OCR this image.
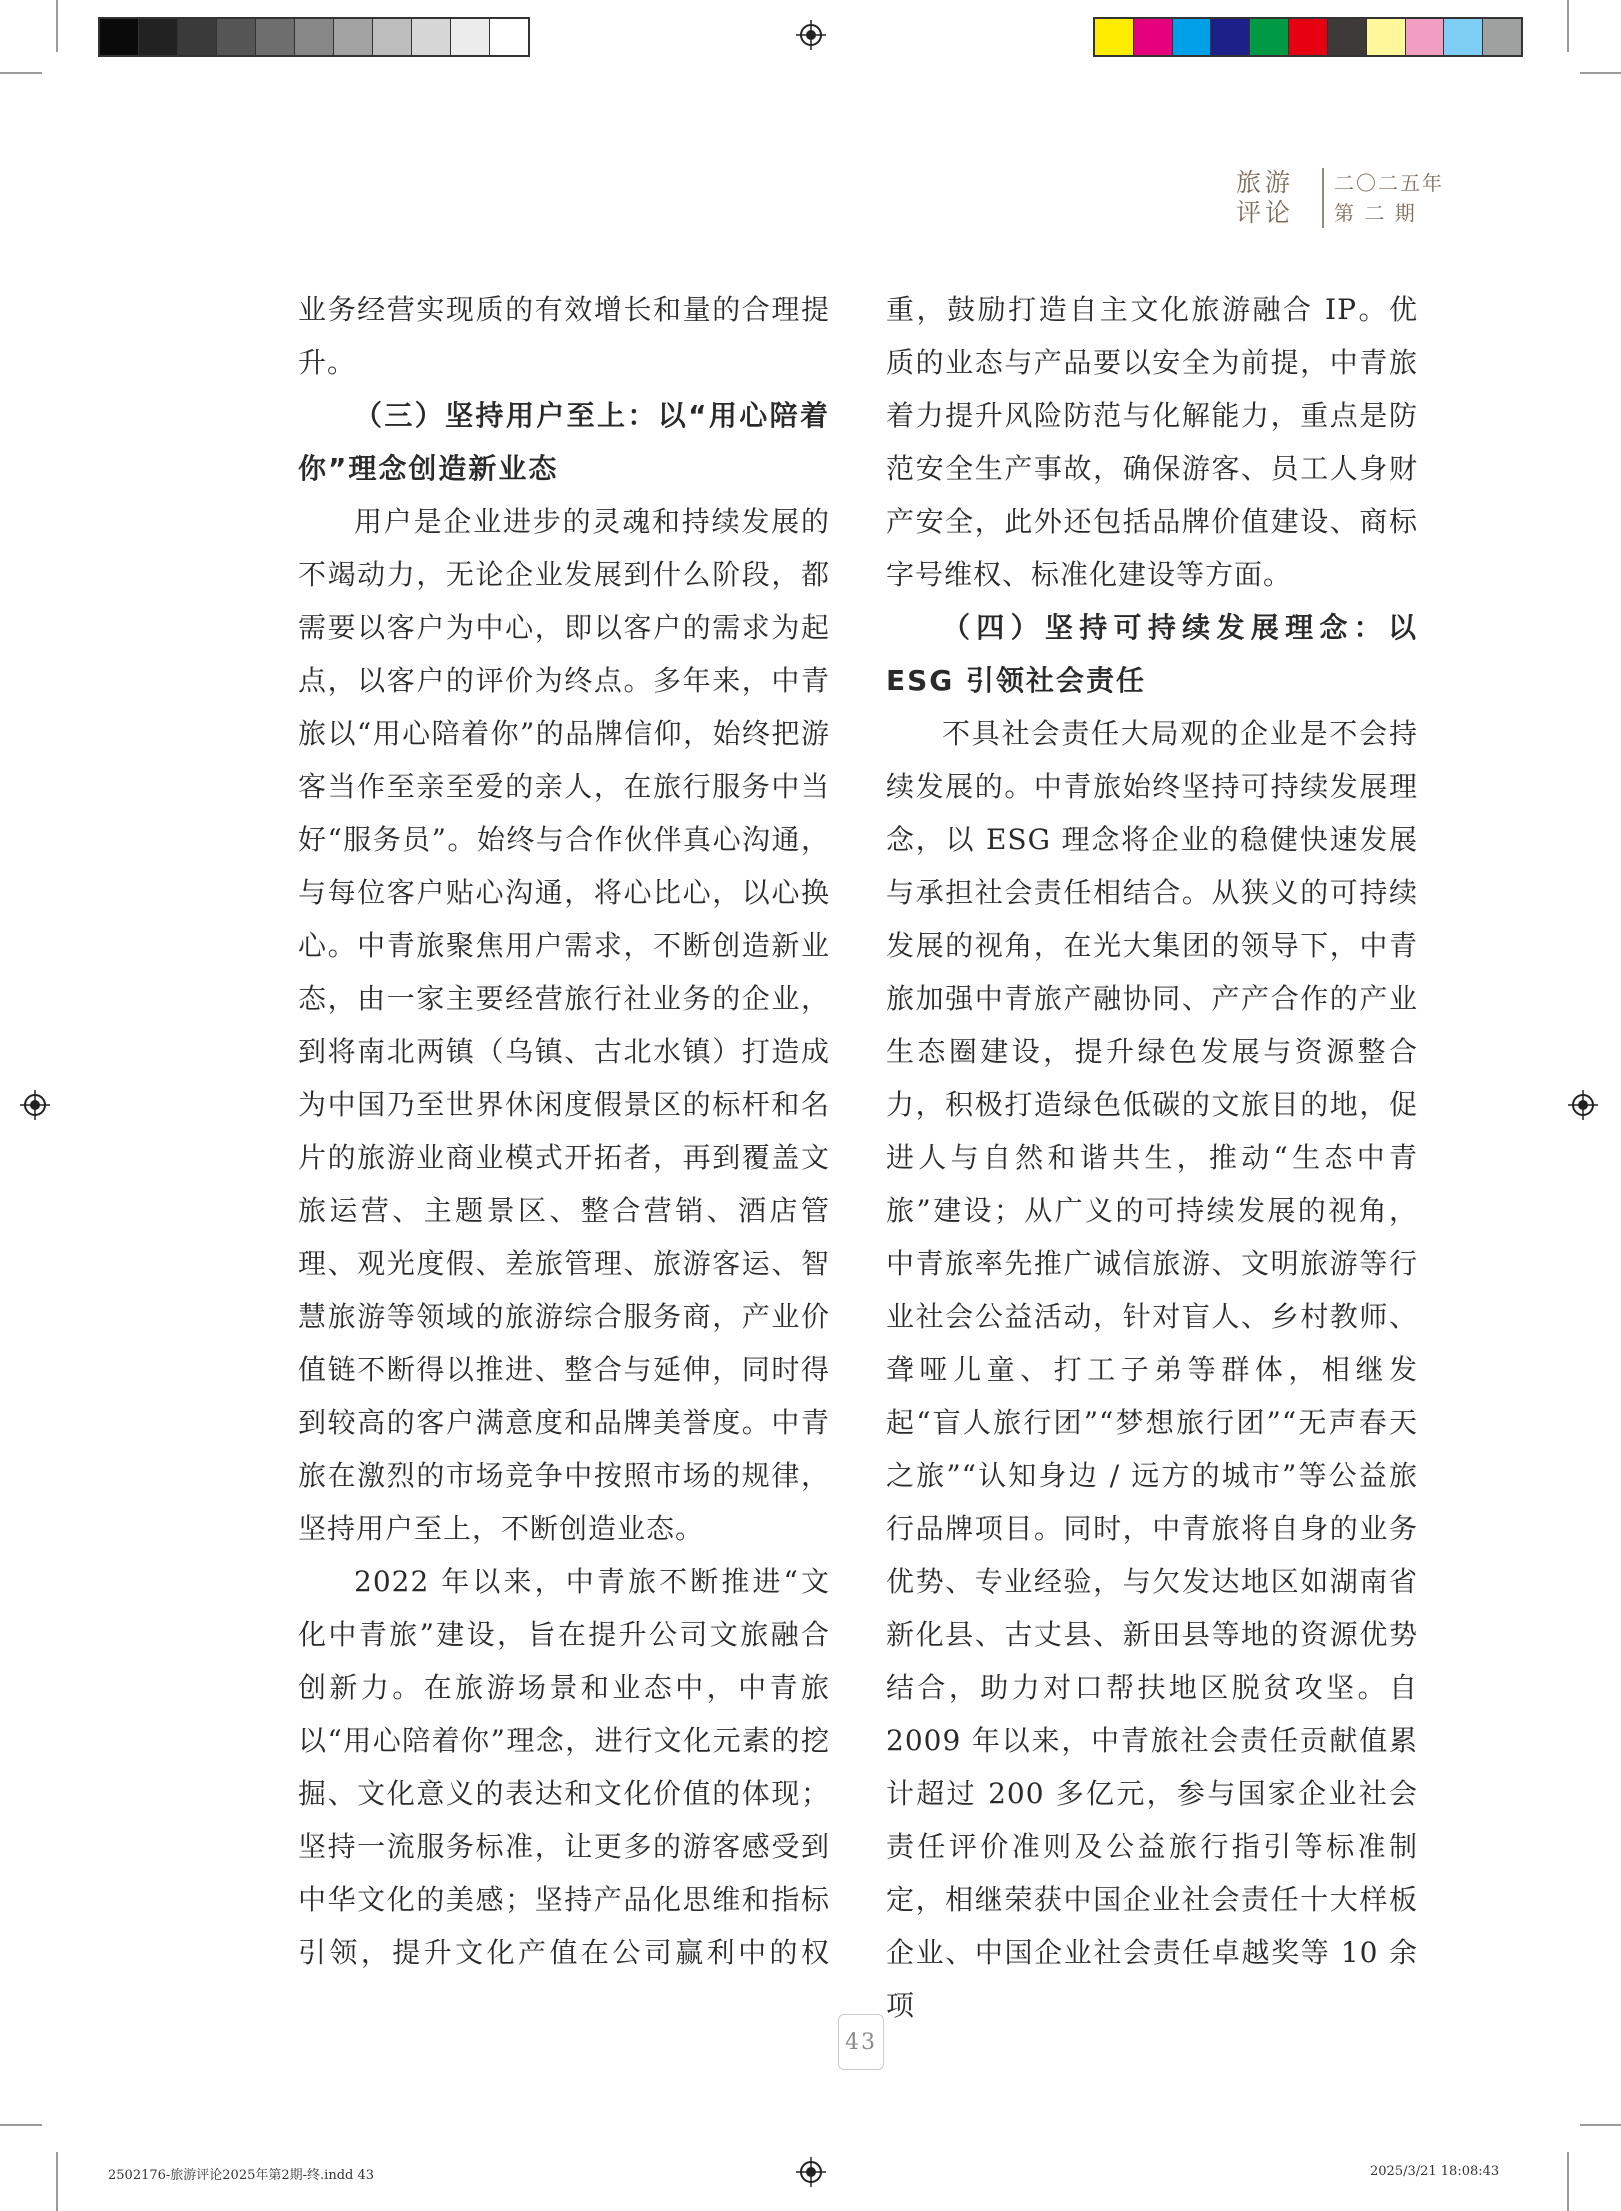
旅游
评论
二〇二五年
第 二 期

业务经营实现质的有效增长和量的合理提升。

（三）坚持用户至上：以“用心陪着你”理念创造新业态

用户是企业进步的灵魂和持续发展的不竭动力，无论企业发展到什么阶段，都需要以客户为中心，即以客户的需求为起点，以客户的评价为终点。多年来，中青旅以“用心陪着你”的品牌信仰，始终把游客当作至亲至爱的亲人，在旅行服务中当好“服务员”。始终与合作伙伴真心沟通，与每位客户贴心沟通，将心比心，以心换心。中青旅聚焦用户需求，不断创造新业态，由一家主要经营旅行社业务的企业，到将南北两镇（乌镇、古北水镇）打造成为中国乃至世界休闲度假景区的标杆和名片的旅游业商业模式开拓者，再到覆盖文旅运营、主题景区、整合营销、酒店管理、观光度假、差旅管理、旅游客运、智慧旅游等领域的旅游综合服务商，产业价值链不断得以推进、整合与延伸，同时得到较高的客户满意度和品牌美誉度。中青旅在激烈的市场竞争中按照市场的规律，坚持用户至上，不断创造业态。

2022 年以来，中青旅不断推进“文化中青旅”建设，旨在提升公司文旅融合创新力。在旅游场景和业态中，中青旅以“用心陪着你”理念，进行文化元素的挖掘、文化意义的表达和文化价值的体现；坚持一流服务标准，让更多的游客感受到中华文化的美感；坚持产品化思维和指标引领，提升文化产值在公司赢利中的权

重，鼓励打造自主文化旅游融合 IP。优质的业态与产品要以安全为前提，中青旅着力提升风险防范与化解能力，重点是防范安全生产事故，确保游客、员工人身财产安全，此外还包括品牌价值建设、商标字号维权、标准化建设等方面。

（四）坚持可持续发展理念：以 ESG 引领社会责任

不具社会责任大局观的企业是不会持续发展的。中青旅始终坚持可持续发展理念，以 ESG 理念将企业的稳健快速发展与承担社会责任相结合。从狭义的可持续发展的视角，在光大集团的领导下，中青旅加强中青旅产融协同、产产合作的产业生态圈建设，提升绿色发展与资源整合力，积极打造绿色低碳的文旅目的地，促进人与自然和谐共生，推动“生态中青旅”建设；从广义的可持续发展的视角，中青旅率先推广诚信旅游、文明旅游等行业社会公益活动，针对盲人、乡村教师、聋哑儿童、打工子弟等群体，相继发起“盲人旅行团”“梦想旅行团”“无声春天之旅”“认知身边 / 远方的城市”等公益旅行品牌项目。同时，中青旅将自身的业务优势、专业经验，与欠发达地区如湖南省新化县、古丈县、新田县等地的资源优势结合，助力对口帮扶地区脱贫攻坚。自 2009 年以来，中青旅社会责任贡献值累计超过 200 多亿元，参与国家企业社会责任评价准则及公益旅行指引等标准制定，相继荣获中国企业社会责任十大样板企业、中国企业社会责任卓越奖等 10 余项

43
2502176-旅游评论2025年第2期-终.indd 43	2025/3/21 18:08:43
